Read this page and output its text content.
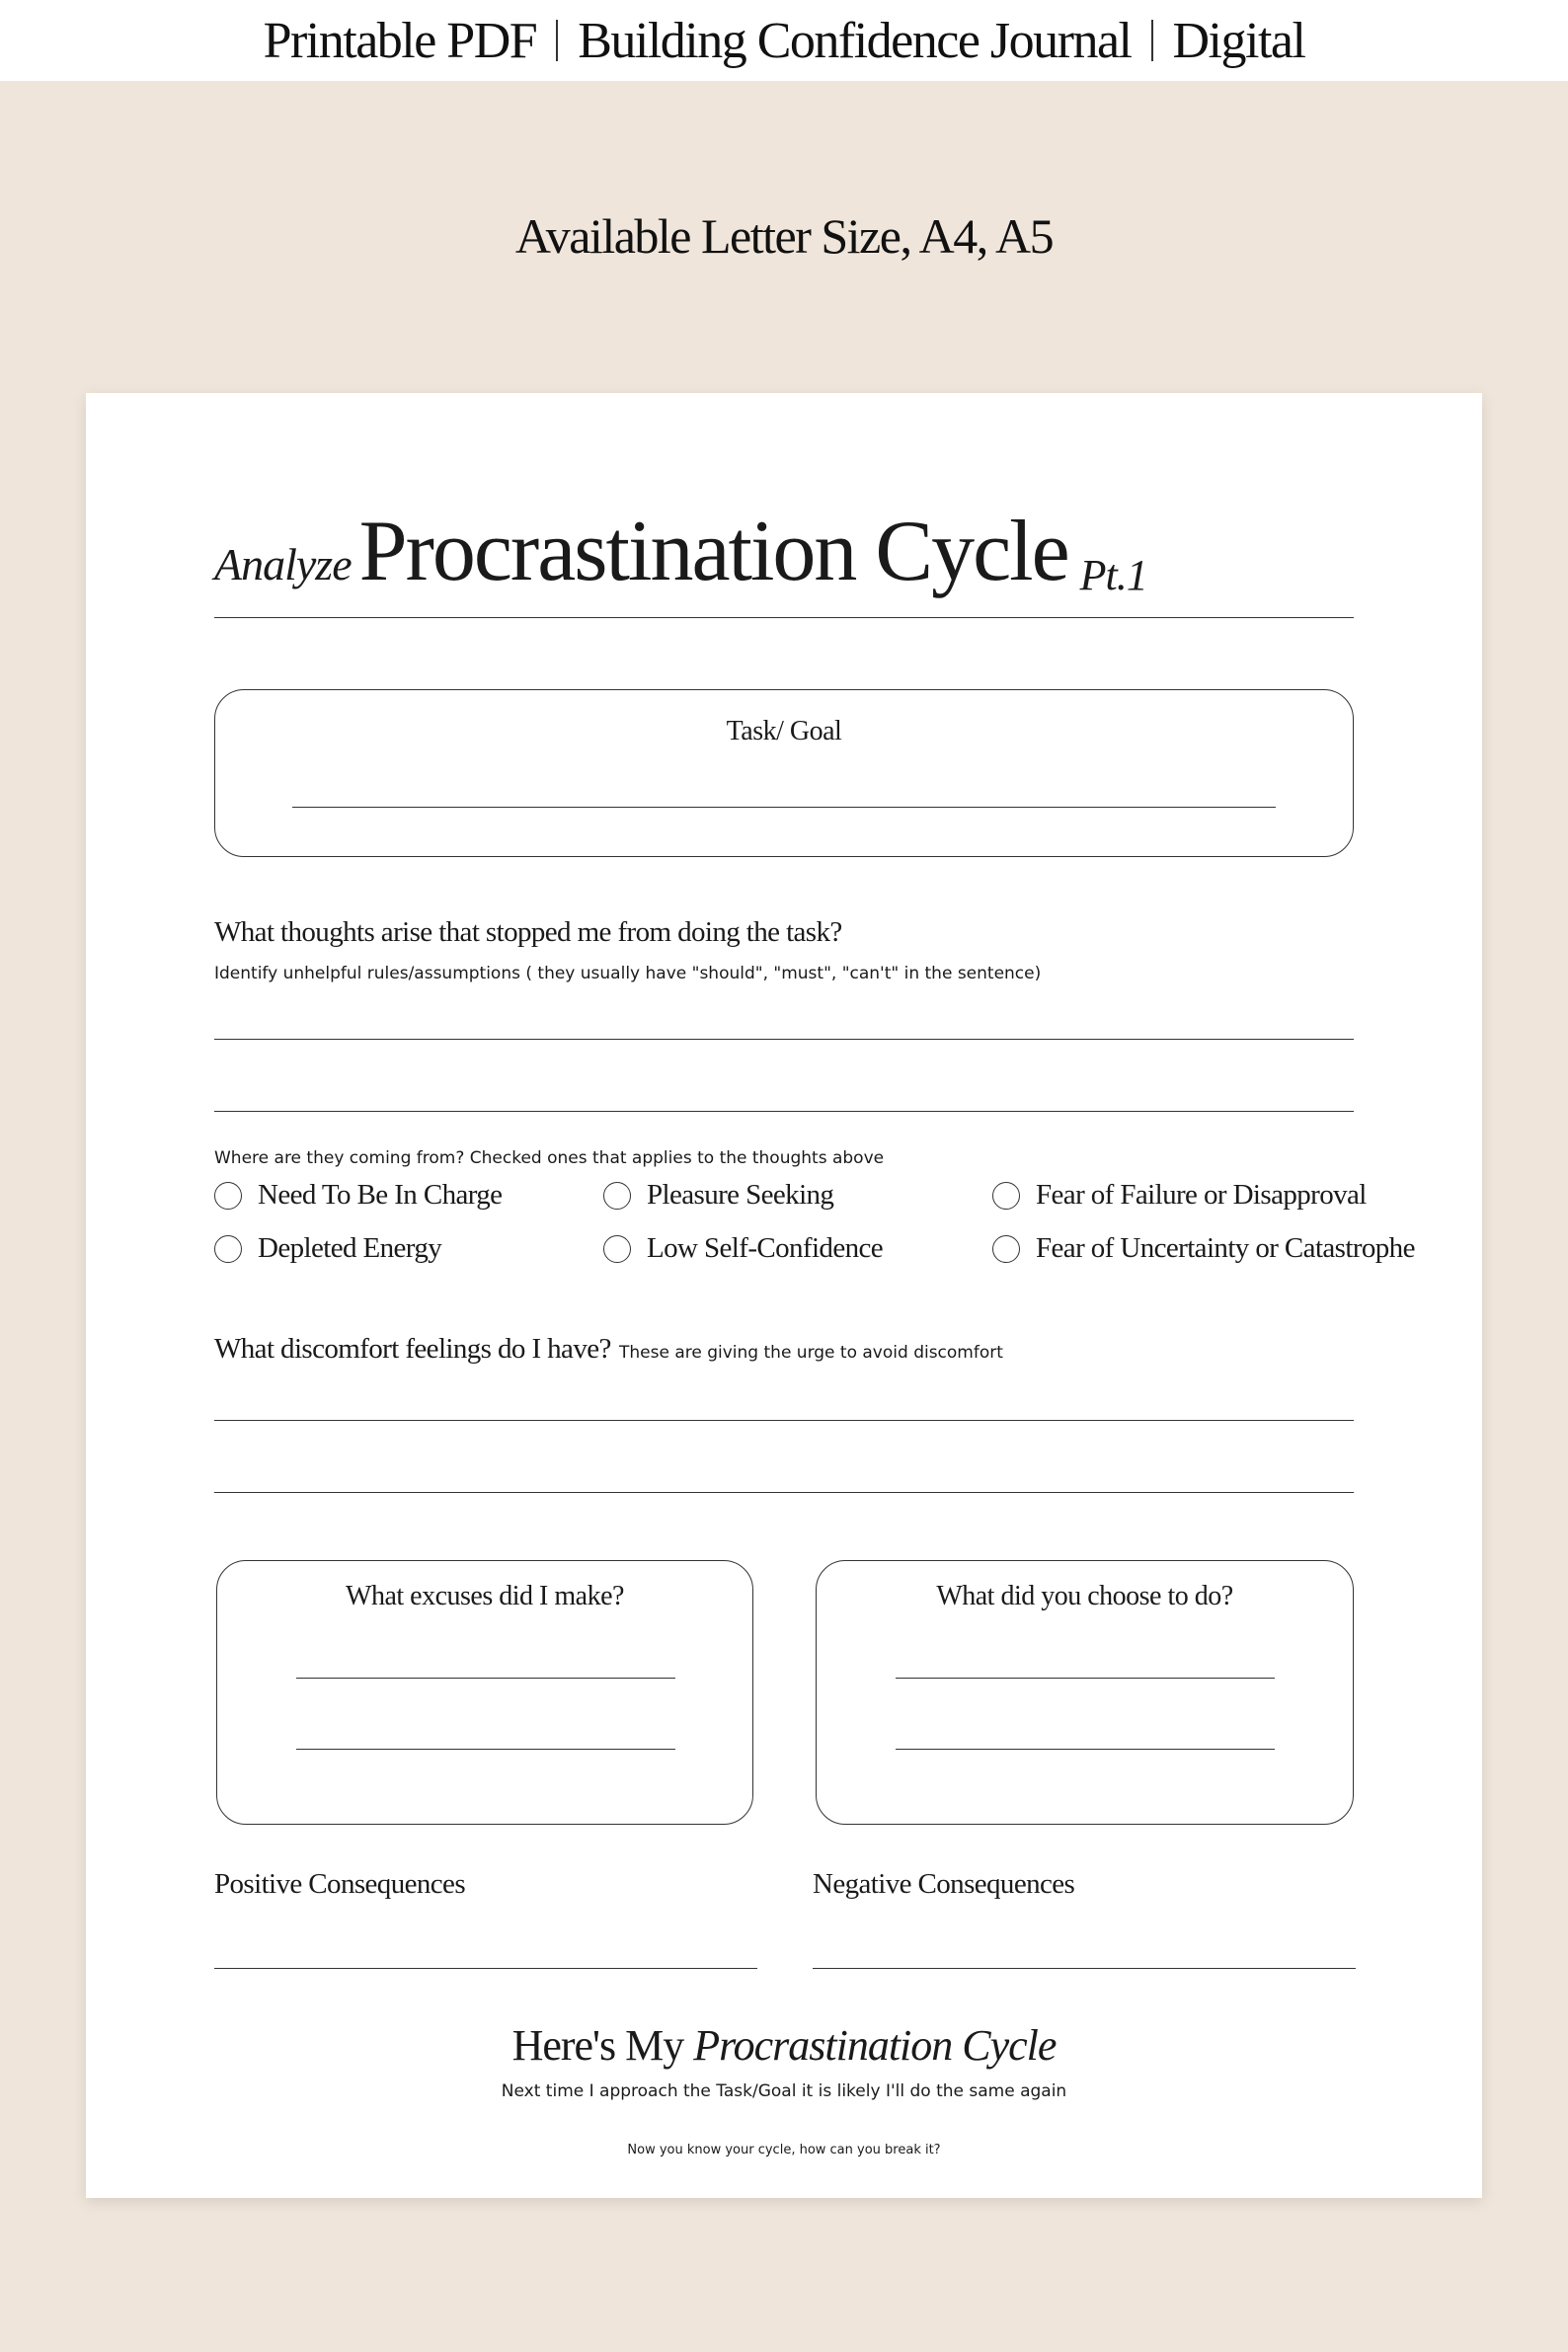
Printable PDF Building Confidence Journal Digital
Available Letter Size, A4, A5
AnalyzeProcrastination Cycle Pt.1
Task/ Goal
What thoughts arise that stopped me from doing the task?
Identify unhelpful rules/assumptions ( they usually have "should", "must", "can't" in the sentence)
Where are they coming from? Checked ones that applies to the thoughts above
Need To Be In Charge	Pleasure Seeking	Fear of Failure or Disapproval
Depleted Energy	Low Self-Confidence	Fear of Uncertainty or Catastrophe
What discomfort feelings do I have? These are giving the urge to avoid discomfort
What excuses did I make?	What did you choose to do?
Positive Consequences	Negative Consequences
Here's My Procrastination Cycle
Next time I approach the Task/Goal it is likely I'll do the same again
Now you know your cycle, how can you break it?
